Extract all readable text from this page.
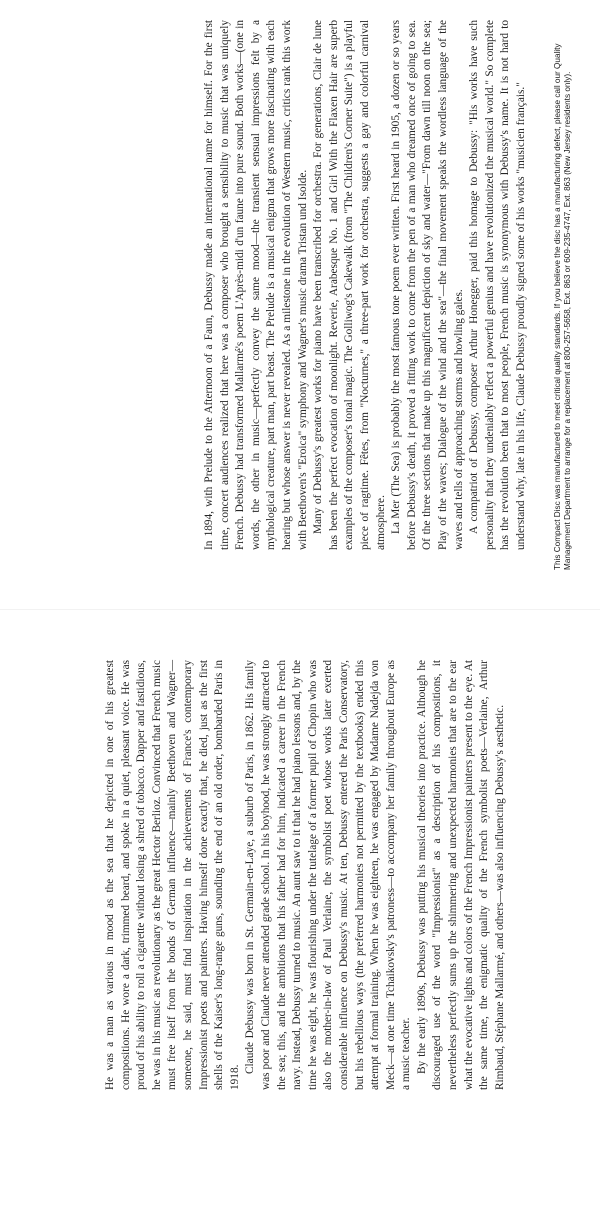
He was a man as various in mood as the sea that he depicted in one of his greatest compositions. He wore a dark, trimmed beard, and spoke in a quiet, pleasant voice. He was proud of his ability to roll a cigarette without losing a shred of tobacco. Dapper and fastidious, he was in his music as revolutionary as the great Hector Berlioz. Convinced that French music must free itself from the bonds of German influence—mainly Beethoven and Wagner—someone, he said, must find inspiration in the achievements of France's contemporary Impressionist poets and painters. Having himself done exactly that, he died, just as the first shells of the Kaiser's long-range guns, sounding the end of an old order, bombarded Paris in 1918.

Claude Debussy was born in St. Germain-en-Laye, a suburb of Paris, in 1862. His family was poor and Claude never attended grade school. In his boyhood, he was strongly attracted to the sea; this, and the ambitions that his father had for him, indicated a career in the French navy. Instead, Debussy turned to music. An aunt saw to it that he had piano lessons and, by the time he was eight, he was flourishing under the tutelage of a former pupil of Chopin who was also the mother-in-law of Paul Verlaine, the symbolist poet whose works later exerted considerable influence on Debussy's music. At ten, Debussy entered the Paris Conservatory, but his rebellious ways (the preferred harmonies not permitted by the textbooks) ended this attempt at formal training. When he was eighteen, he was engaged by Madame Nadejda von Meck—at one time Tchaikovsky's patroness—to accompany her family throughout Europe as a music teacher. By the early 1890s, Debussy was putting his musical theories into practice. Although he discouraged use of the word "Impressionist" as a description of his compositions, it nevertheless perfectly sums up the shimmering and unexpected harmonies that are to the ear what the evocative lights and colors of the French Impressionist painters present to the eye. At the same time, the enigmatic quality of the French symbolist poets—Verlaine, Arthur Rimbaud, Stéphane Mallarmé, and others—was also influencing Debussy's aesthetic.

In 1894, with Prelude to the Afternoon of a Faun, Debussy made an international name for himself. For the first time, concert audiences realized that here was a composer who brought a sensibility to music that was uniquely French. Debussy had transformed Mallarmé's poem L'Après-midi d'un faune into pure sound. Both works—(one in words, the other in music—perfectly convey the same mood—the transient sensual impressions felt by a mythological creature, part man, part beast. The Prelude is a musical enigma that grows more fascinating with each hearing but whose answer is never revealed. As a milestone in the evolution of Western music, critics rank this work with Beethoven's "Eroica" symphony and Wagner's music drama Tristan und Isolde. Many of Debussy's greatest works for piano have been transcribed for orchestra. For generations, Clair de lune has been the perfect evocation of moonlight. Reverie, Arabesque No. 1 and Girl With the Flaxen Hair are superb examples of the composer's tonal magic. The Golliwog's Cakewalk (from "The Children's Corner Suite") is a playful piece of ragtime. Fêtes, from "Nocturnes," a three-part work for orchestra, suggests a gay and colorful carnival atmosphere. La Mer (The Sea) is probably the most famous tone poem ever written. First heard in 1905, a dozen or so years before Debussy's death, it proved a fitting work to come from the pen of a man who dreamed once of going to sea. Of the three sections that make up this magnificent depiction of sky and water—"From dawn till noon on the sea; Play of the waves; Dialogue of the wind and the sea"—the final movement speaks the wordless language of the waves and tells of approaching storms and howling gales. A compatriot of Debussy, composer Arthur Honegger, paid this homage to Debussy: "His works have such personality that they undeniably reflect a powerful genius and have revolutionized the musical world." So complete has the revolution been that to most people, French music is synonymous with Debussy's name. It is not hard to understand why, late in his life, Claude Debussy proudly signed some of his works "musicien français."	This Compact Disc was manufactured to meet critical quality standards. If you believe the disc has a manufacturing defect, please call our Quality Management Department to arrange for a replacement at 800-257-5658, Ext. 863 or 609-235-4747, Ext. 863 (New Jersey residents only).
